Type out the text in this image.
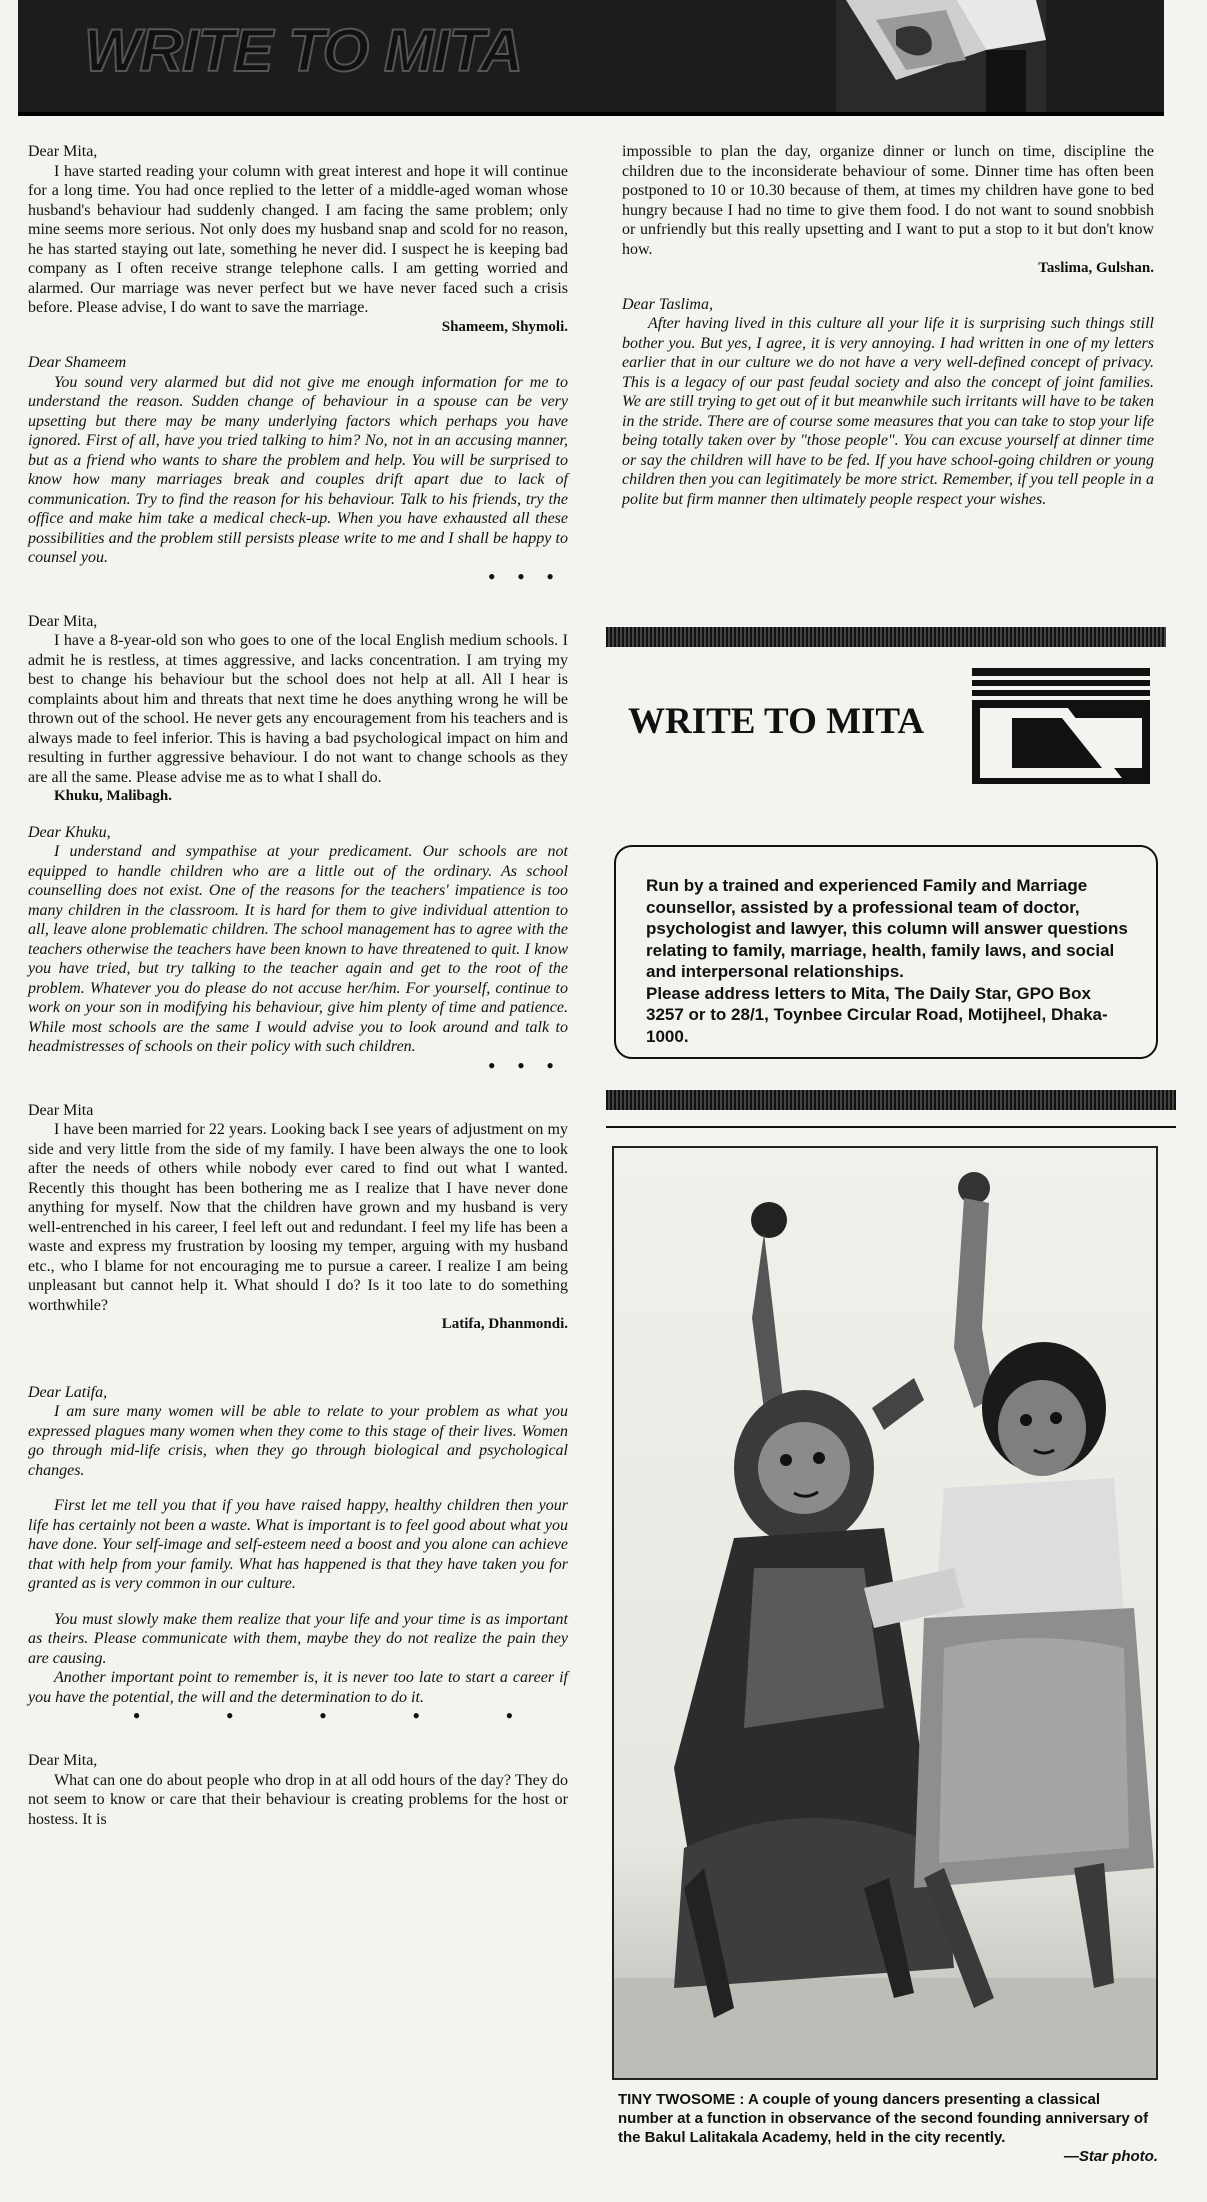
WRITE TO MITA

Dear Mita,

I have started reading your column with great interest and hope it will continue for a long time. You had once replied to the letter of a middle-aged woman whose husband's behaviour had suddenly changed. I am facing the same problem; only mine seems more serious. Not only does my husband snap and scold for no reason, he has started staying out late, something he never did. I suspect he is keeping bad company as I often receive strange telephone calls. I am getting worried and alarmed. Our marriage was never perfect but we have never faced such a crisis before. Please advise, I do want to save the marriage.

Shameem, Shymoli.

Dear Shameem

You sound very alarmed but did not give me enough information for me to understand the reason. Sudden change of behaviour in a spouse can be very upsetting but there may be many underlying factors which perhaps you have ignored. First of all, have you tried talking to him? No, not in an accusing manner, but as a friend who wants to share the problem and help. You will be surprised to know how many marriages break and couples drift apart due to lack of communication. Try to find the reason for his behaviour. Talk to his friends, try the office and make him take a medical check-up. When you have exhausted all these possibilities and the problem still persists please write to me and I shall be happy to counsel you.

• • •

Dear Mita,

I have a 8-year-old son who goes to one of the local English medium schools. I admit he is restless, at times aggressive, and lacks concentration. I am trying my best to change his behaviour but the school does not help at all. All I hear is complaints about him and threats that next time he does anything wrong he will be thrown out of the school. He never gets any encouragement from his teachers and is always made to feel inferior. This is having a bad psychological impact on him and resulting in further aggressive behaviour. I do not want to change schools as they are all the same. Please advise me as to what I shall do.

Khuku, Malibagh.

Dear Khuku,

I understand and sympathise at your predicament. Our schools are not equipped to handle children who are a little out of the ordinary. As school counselling does not exist. One of the reasons for the teachers' impatience is too many children in the classroom. It is hard for them to give individual attention to all, leave alone problematic children. The school management has to agree with the teachers otherwise the teachers have been known to have threatened to quit. I know you have tried, but try talking to the teacher again and get to the root of the problem. Whatever you do please do not accuse her/him. For yourself, continue to work on your son in modifying his behaviour, give him plenty of time and patience. While most schools are the same I would advise you to look around and talk to headmistresses of schools on their policy with such children.

• • •

Dear Mita

I have been married for 22 years. Looking back I see years of adjustment on my side and very little from the side of my family. I have been always the one to look after the needs of others while nobody ever cared to find out what I wanted. Recently this thought has been bothering me as I realize that I have never done anything for myself. Now that the children have grown and my husband is very well-entrenched in his career, I feel left out and redundant. I feel my life has been a waste and express my frustration by loosing my temper, arguing with my husband etc., who I blame for not encouraging me to pursue a career. I realize I am being unpleasant but cannot help it. What should I do? Is it too late to do something worthwhile?

Latifa, Dhanmondi.

Dear Latifa,

I am sure many women will be able to relate to your problem as what you expressed plagues many women when they come to this stage of their lives. Women go through mid-life crisis, when they go through biological and psychological changes.

First let me tell you that if you have raised happy, healthy children then your life has certainly not been a waste. What is important is to feel good about what you have done. Your self-image and self-esteem need a boost and you alone can achieve that with help from your family. What has happened is that they have taken you for granted as is very common in our culture.

You must slowly make them realize that your life and your time is as important as theirs. Please communicate with them, maybe they do not realize the pain they are causing.

Another important point to remember is, it is never too late to start a career if you have the potential, the will and the determination to do it.

• • • • •

Dear Mita,

What can one do about people who drop in at all odd hours of the day? They do not seem to know or care that their behaviour is creating problems for the host or hostess. It is

impossible to plan the day, organize dinner or lunch on time, discipline the children due to the inconsiderate behaviour of some. Dinner time has often been postponed to 10 or 10.30 because of them, at times my children have gone to bed hungry because I had no time to give them food. I do not want to sound snobbish or unfriendly but this really upsetting and I want to put a stop to it but don't know how.

Taslima, Gulshan.

Dear Taslima,

After having lived in this culture all your life it is surprising such things still bother you. But yes, I agree, it is very annoying. I had written in one of my letters earlier that in our culture we do not have a very well-defined concept of privacy. This is a legacy of our past feudal society and also the concept of joint families. We are still trying to get out of it but meanwhile such irritants will have to be taken in the stride. There are of course some measures that you can take to stop your life being totally taken over by "those people". You can excuse yourself at dinner time or say the children will have to be fed. If you have school-going children or young children then you can legitimately be more strict. Remember, if you tell people in a polite but firm manner then ultimately people respect your wishes.

WRITE TO MITA

Run by a trained and experienced Family and Marriage counsellor, assisted by a professional team of doctor, psychologist and lawyer, this column will answer questions relating to family, marriage, health, family laws, and social and interpersonal relationships.

Please address letters to Mita, The Daily Star, GPO Box 3257 or to 28/1, Toynbee Circular Road, Motijheel, Dhaka-1000.

TINY TWOSOME : A couple of young dancers presenting a classical number at a function in observance of the second founding anniversary of the Bakul Lalitakala Academy, held in the city recently.

—Star photo.
